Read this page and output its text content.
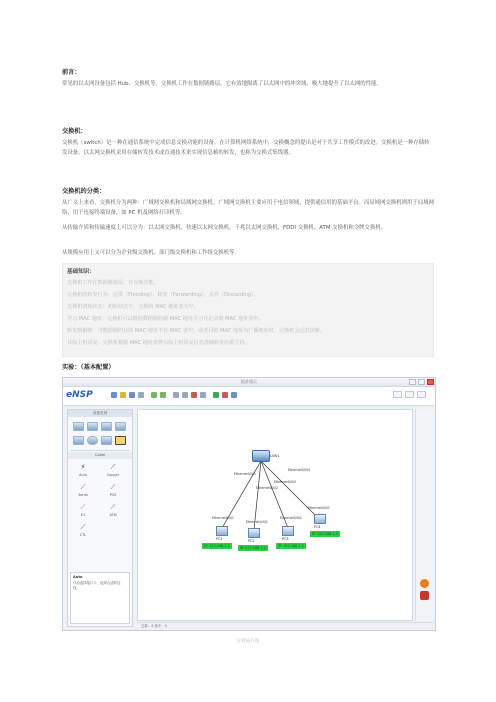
前言：
常见的以太网设备包括 Hub、交换机等。交换机工作在数据链路层，它有效地隔离了以太网中的冲突域，极大地提升了以太网的性能。
交换机：
交换机（switch）是一种在通信系统中完成信息交换功能的设备。在计算机网络系统中，交换概念的提出是对于共享工作模式的改进。交换机是一种存储转发设备。以太网交换机采用存储转发技术或直通技术来实现信息帧的转发，也称为交换式集线器。
交换机的分类：
从广义上来看，交换机分为两种：广域网交换机和局域网交换机。广域网交换机主要应用于电信领域，提供通信用的基础平台。而局域网交换机则用于局域网络，用于连接终端设备，如 PC 机及网络打印机等。
从传输介质和传输速度上可以分为：以太网交换机、快速以太网交换机、千兆以太网交换机、FDDI 交换机、ATM 交换机和令牌交换机。
从规模应用上又可以分为企业级交换机、部门级交换机和工作组交换机等。
基础知识：
交换机工作在数据链路层，有交换功能。
交换机的转发行为：泛洪（Flooding）、转发（Forwarding）、丢弃（Discarding）。
交换机初始状态：初始状态下，交换机 MAC 地址表为空。
学习 MAC 地址：交换机可以根据数据帧的源 MAC 地址学习并记录到 MAC 地址表中。
转发数据帧：当数据帧的目的 MAC 地址不在 MAC 表中，或者目的 MAC 地址为广播地址时，交换机会泛洪该帧。
目标主机回复：交换机根据 MAC 地址表将目标主机回复信息准确转发给源主机。
实验：（基本配置）
拓扑图示
eNSP
设备类别
Cable
⚡
Auto
⟋
Copper
⟋
Serial
⟋
POS
⟋
E1
⟋
ATM
⟋
CTL
Auto
自动选择接口卡，选择合适的连线。
LSW1
Ethernet0/0/1
Ethernet0/0/2
Ethernet0/0/3
Ethernet0/0/4
Ethernet0/0/1
Ethernet0/0/1
Ethernet0/0/1
Ethernet0/0/1
PC1
IP: 192.168.1.1
PC2
IP: 172.168.1.2
PC3
IP: 192.168.1.3
PC4
IP: 192.168.1.4
总数：4 选中：0
实验拓扑图
